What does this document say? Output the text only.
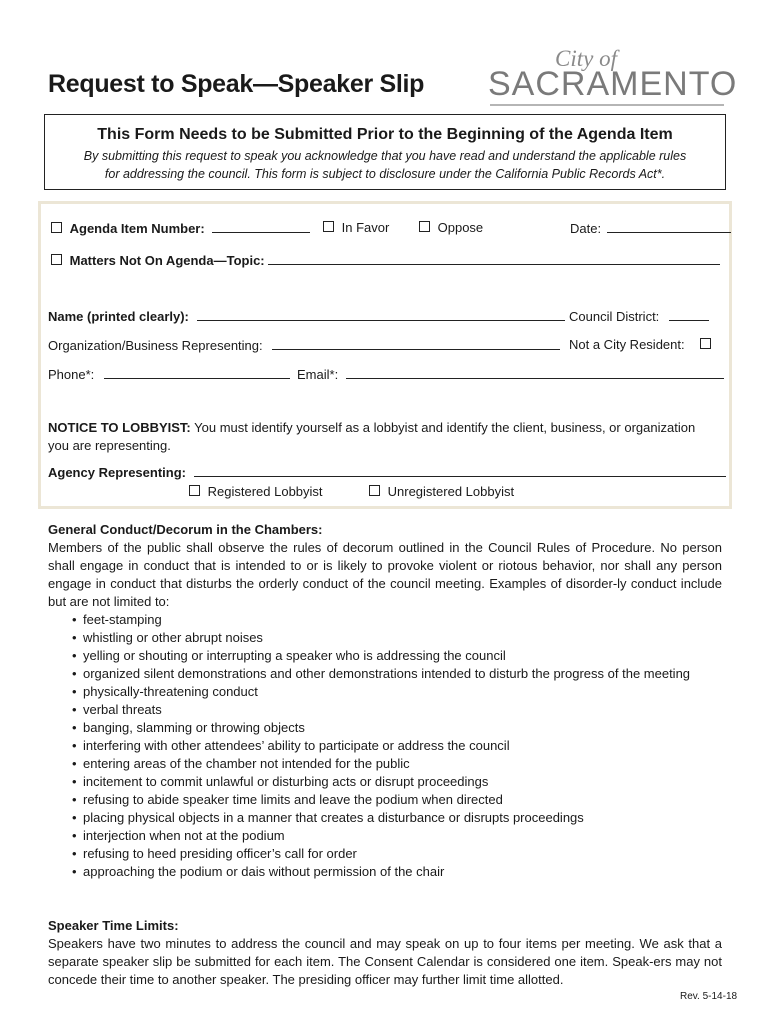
Request to Speak—Speaker Slip
City of
SACRAMENTO
This Form Needs to be Submitted Prior to the Beginning of the Agenda Item
By submitting this request to speak you acknowledge that you have read and understand the applicable rules
for addressing the council. This form is subject to disclosure under the California Public Records Act*.
Agenda Item Number:	In Favor	Oppose	Date:
Matters Not On Agenda—Topic:
Name (printed clearly):	Council District:
Organization/Business Representing:	Not a City Resident:
Phone*:	Email*:
NOTICE TO LOBBYIST: You must identify yourself as a lobbyist and identify the client, business, or organization
you are representing.
Agency Representing:
Registered Lobbyist	Unregistered Lobbyist
General Conduct/Decorum in the Chambers:
Members of the public shall observe the rules of decorum outlined in the Council Rules of Procedure. No person shall engage in conduct that is intended to or is likely to provoke violent or riotous behavior, nor shall any person engage in conduct that disturbs the orderly conduct of the council meeting. Examples of disorder-ly conduct include but are not limited to:
• feet-stamping
• whistling or other abrupt noises
• yelling or shouting or interrupting a speaker who is addressing the council
• organized silent demonstrations and other demonstrations intended to disturb the progress of the meeting
• physically-threatening conduct
• verbal threats
• banging, slamming or throwing objects
• interfering with other attendees’ ability to participate or address the council
• entering areas of the chamber not intended for the public
• incitement to commit unlawful or disturbing acts or disrupt proceedings
• refusing to abide speaker time limits and leave the podium when directed
• placing physical objects in a manner that creates a disturbance or disrupts proceedings
• interjection when not at the podium
• refusing to heed presiding officer’s call for order
• approaching the podium or dais without permission of the chair
Speaker Time Limits:
Speakers have two minutes to address the council and may speak on up to four items per meeting. We ask that a separate speaker slip be submitted for each item. The Consent Calendar is considered one item. Speak-ers may not concede their time to another speaker. The presiding officer may further limit time allotted.
Rev. 5-14-18
